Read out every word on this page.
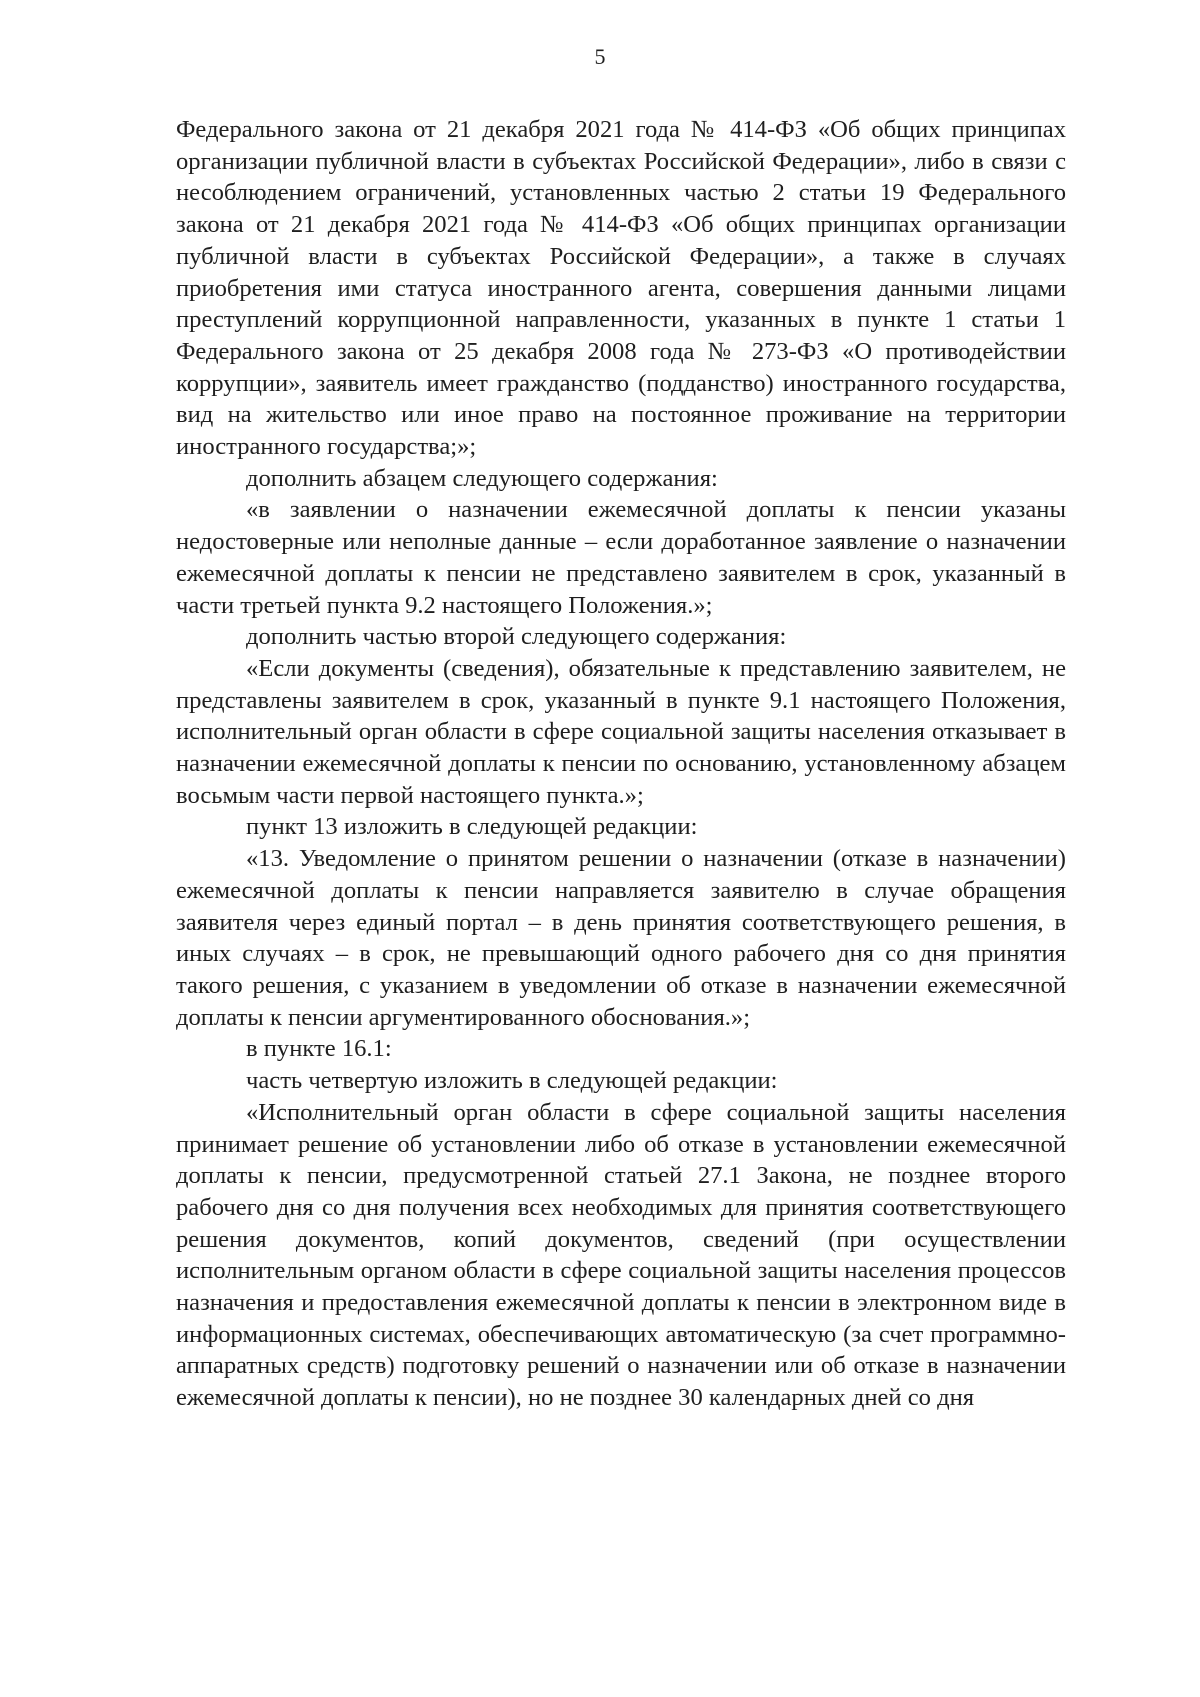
5

Федерального закона от 21 декабря 2021 года № 414-ФЗ «Об общих принципах организации публичной власти в субъектах Российской Федерации», либо в связи с несоблюдением ограничений, установленных частью 2 статьи 19 Федерального закона от 21 декабря 2021 года № 414-ФЗ «Об общих принципах организации публичной власти в субъектах Российской Федерации», а также в случаях приобретения ими статуса иностранного агента, совершения данными лицами преступлений коррупционной направленности, указанных в пункте 1 статьи 1 Федерального закона от 25 декабря 2008 года № 273-ФЗ «О противодействии коррупции», заявитель имеет гражданство (подданство) иностранного государства, вид на жительство или иное право на постоянное проживание на территории иностранного государства;»;

дополнить абзацем следующего содержания:

«в заявлении о назначении ежемесячной доплаты к пенсии указаны недостоверные или неполные данные – если доработанное заявление о назначении ежемесячной доплаты к пенсии не представлено заявителем в срок, указанный в части третьей пункта 9.2 настоящего Положения.»;

дополнить частью второй следующего содержания:

«Если документы (сведения), обязательные к представлению заявителем, не представлены заявителем в срок, указанный в пункте 9.1 настоящего Положения, исполнительный орган области в сфере социальной защиты населения отказывает в назначении ежемесячной доплаты к пенсии по основанию, установленному абзацем восьмым части первой настоящего пункта.»;

пункт 13 изложить в следующей редакции:

«13. Уведомление о принятом решении о назначении (отказе в назначении) ежемесячной доплаты к пенсии направляется заявителю в случае обращения заявителя через единый портал – в день принятия соответствующего решения, в иных случаях – в срок, не превышающий одного рабочего дня со дня принятия такого решения, с указанием в уведомлении об отказе в назначении ежемесячной доплаты к пенсии аргументированного обоснования.»;

в пункте 16.1:

часть четвертую изложить в следующей редакции:

«Исполнительный орган области в сфере социальной защиты населения принимает решение об установлении либо об отказе в установлении ежемесячной доплаты к пенсии, предусмотренной статьей 27.1 Закона, не позднее второго рабочего дня со дня получения всех необходимых для принятия соответствующего решения документов, копий документов, сведений (при осуществлении исполнительным органом области в сфере социальной защиты населения процессов назначения и предоставления ежемесячной доплаты к пенсии в электронном виде в информационных системах, обеспечивающих автоматическую (за счет программно-аппаратных средств) подготовку решений о назначении или об отказе в назначении ежемесячной доплаты к пенсии), но не позднее 30 календарных дней со дня
